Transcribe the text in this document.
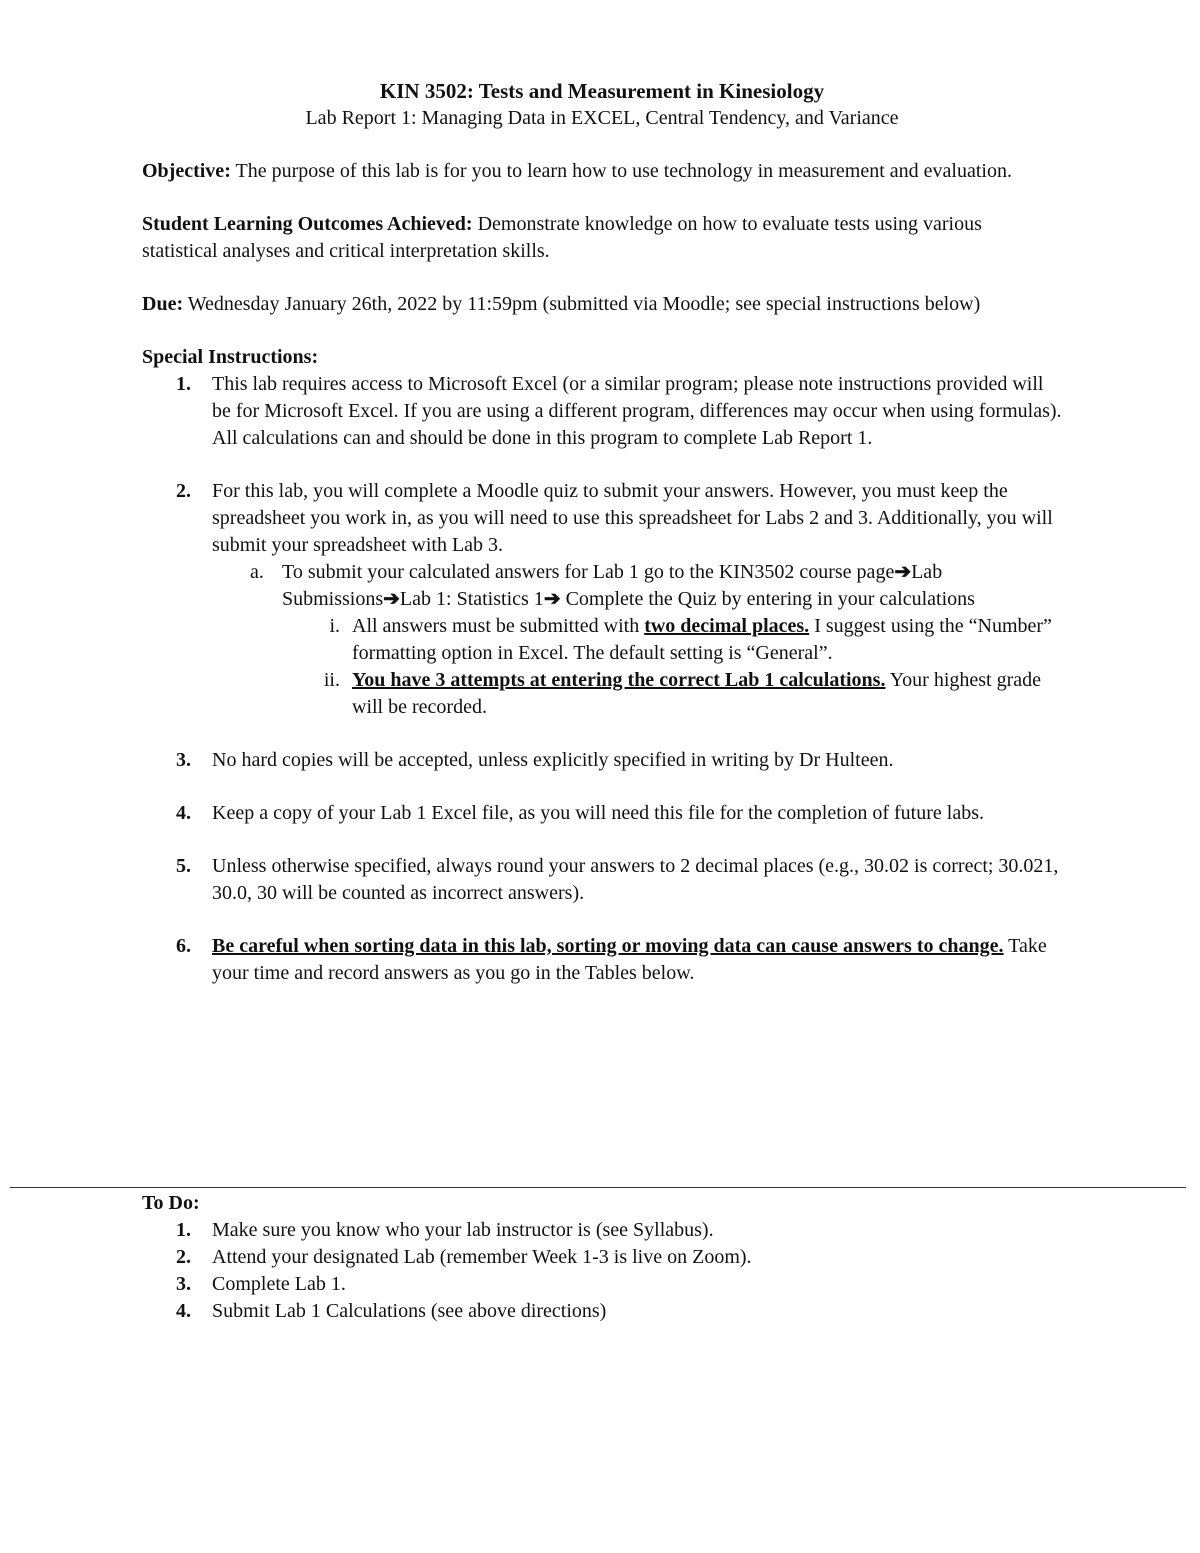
KIN 3502: Tests and Measurement in Kinesiology
Lab Report 1: Managing Data in EXCEL, Central Tendency, and Variance
Objective: The purpose of this lab is for you to learn how to use technology in measurement and evaluation.
Student Learning Outcomes Achieved: Demonstrate knowledge on how to evaluate tests using various statistical analyses and critical interpretation skills.
Due: Wednesday January 26th, 2022 by 11:59pm (submitted via Moodle; see special instructions below)
Special Instructions:
1. This lab requires access to Microsoft Excel (or a similar program; please note instructions provided will be for Microsoft Excel. If you are using a different program, differences may occur when using formulas). All calculations can and should be done in this program to complete Lab Report 1.
2. For this lab, you will complete a Moodle quiz to submit your answers. However, you must keep the spreadsheet you work in, as you will need to use this spreadsheet for Labs 2 and 3. Additionally, you will submit your spreadsheet with Lab 3.
a. To submit your calculated answers for Lab 1 go to the KIN3502 course page➔Lab Submissions➔Lab 1: Statistics 1➔ Complete the Quiz by entering in your calculations
i. All answers must be submitted with two decimal places. I suggest using the “Number” formatting option in Excel. The default setting is “General”.
ii. You have 3 attempts at entering the correct Lab 1 calculations. Your highest grade will be recorded.
3. No hard copies will be accepted, unless explicitly specified in writing by Dr Hulteen.
4. Keep a copy of your Lab 1 Excel file, as you will need this file for the completion of future labs.
5. Unless otherwise specified, always round your answers to 2 decimal places (e.g., 30.02 is correct; 30.021, 30.0, 30 will be counted as incorrect answers).
6. Be careful when sorting data in this lab, sorting or moving data can cause answers to change. Take your time and record answers as you go in the Tables below.
To Do:
1. Make sure you know who your lab instructor is (see Syllabus).
2. Attend your designated Lab (remember Week 1-3 is live on Zoom).
3. Complete Lab 1.
4. Submit Lab 1 Calculations (see above directions)
